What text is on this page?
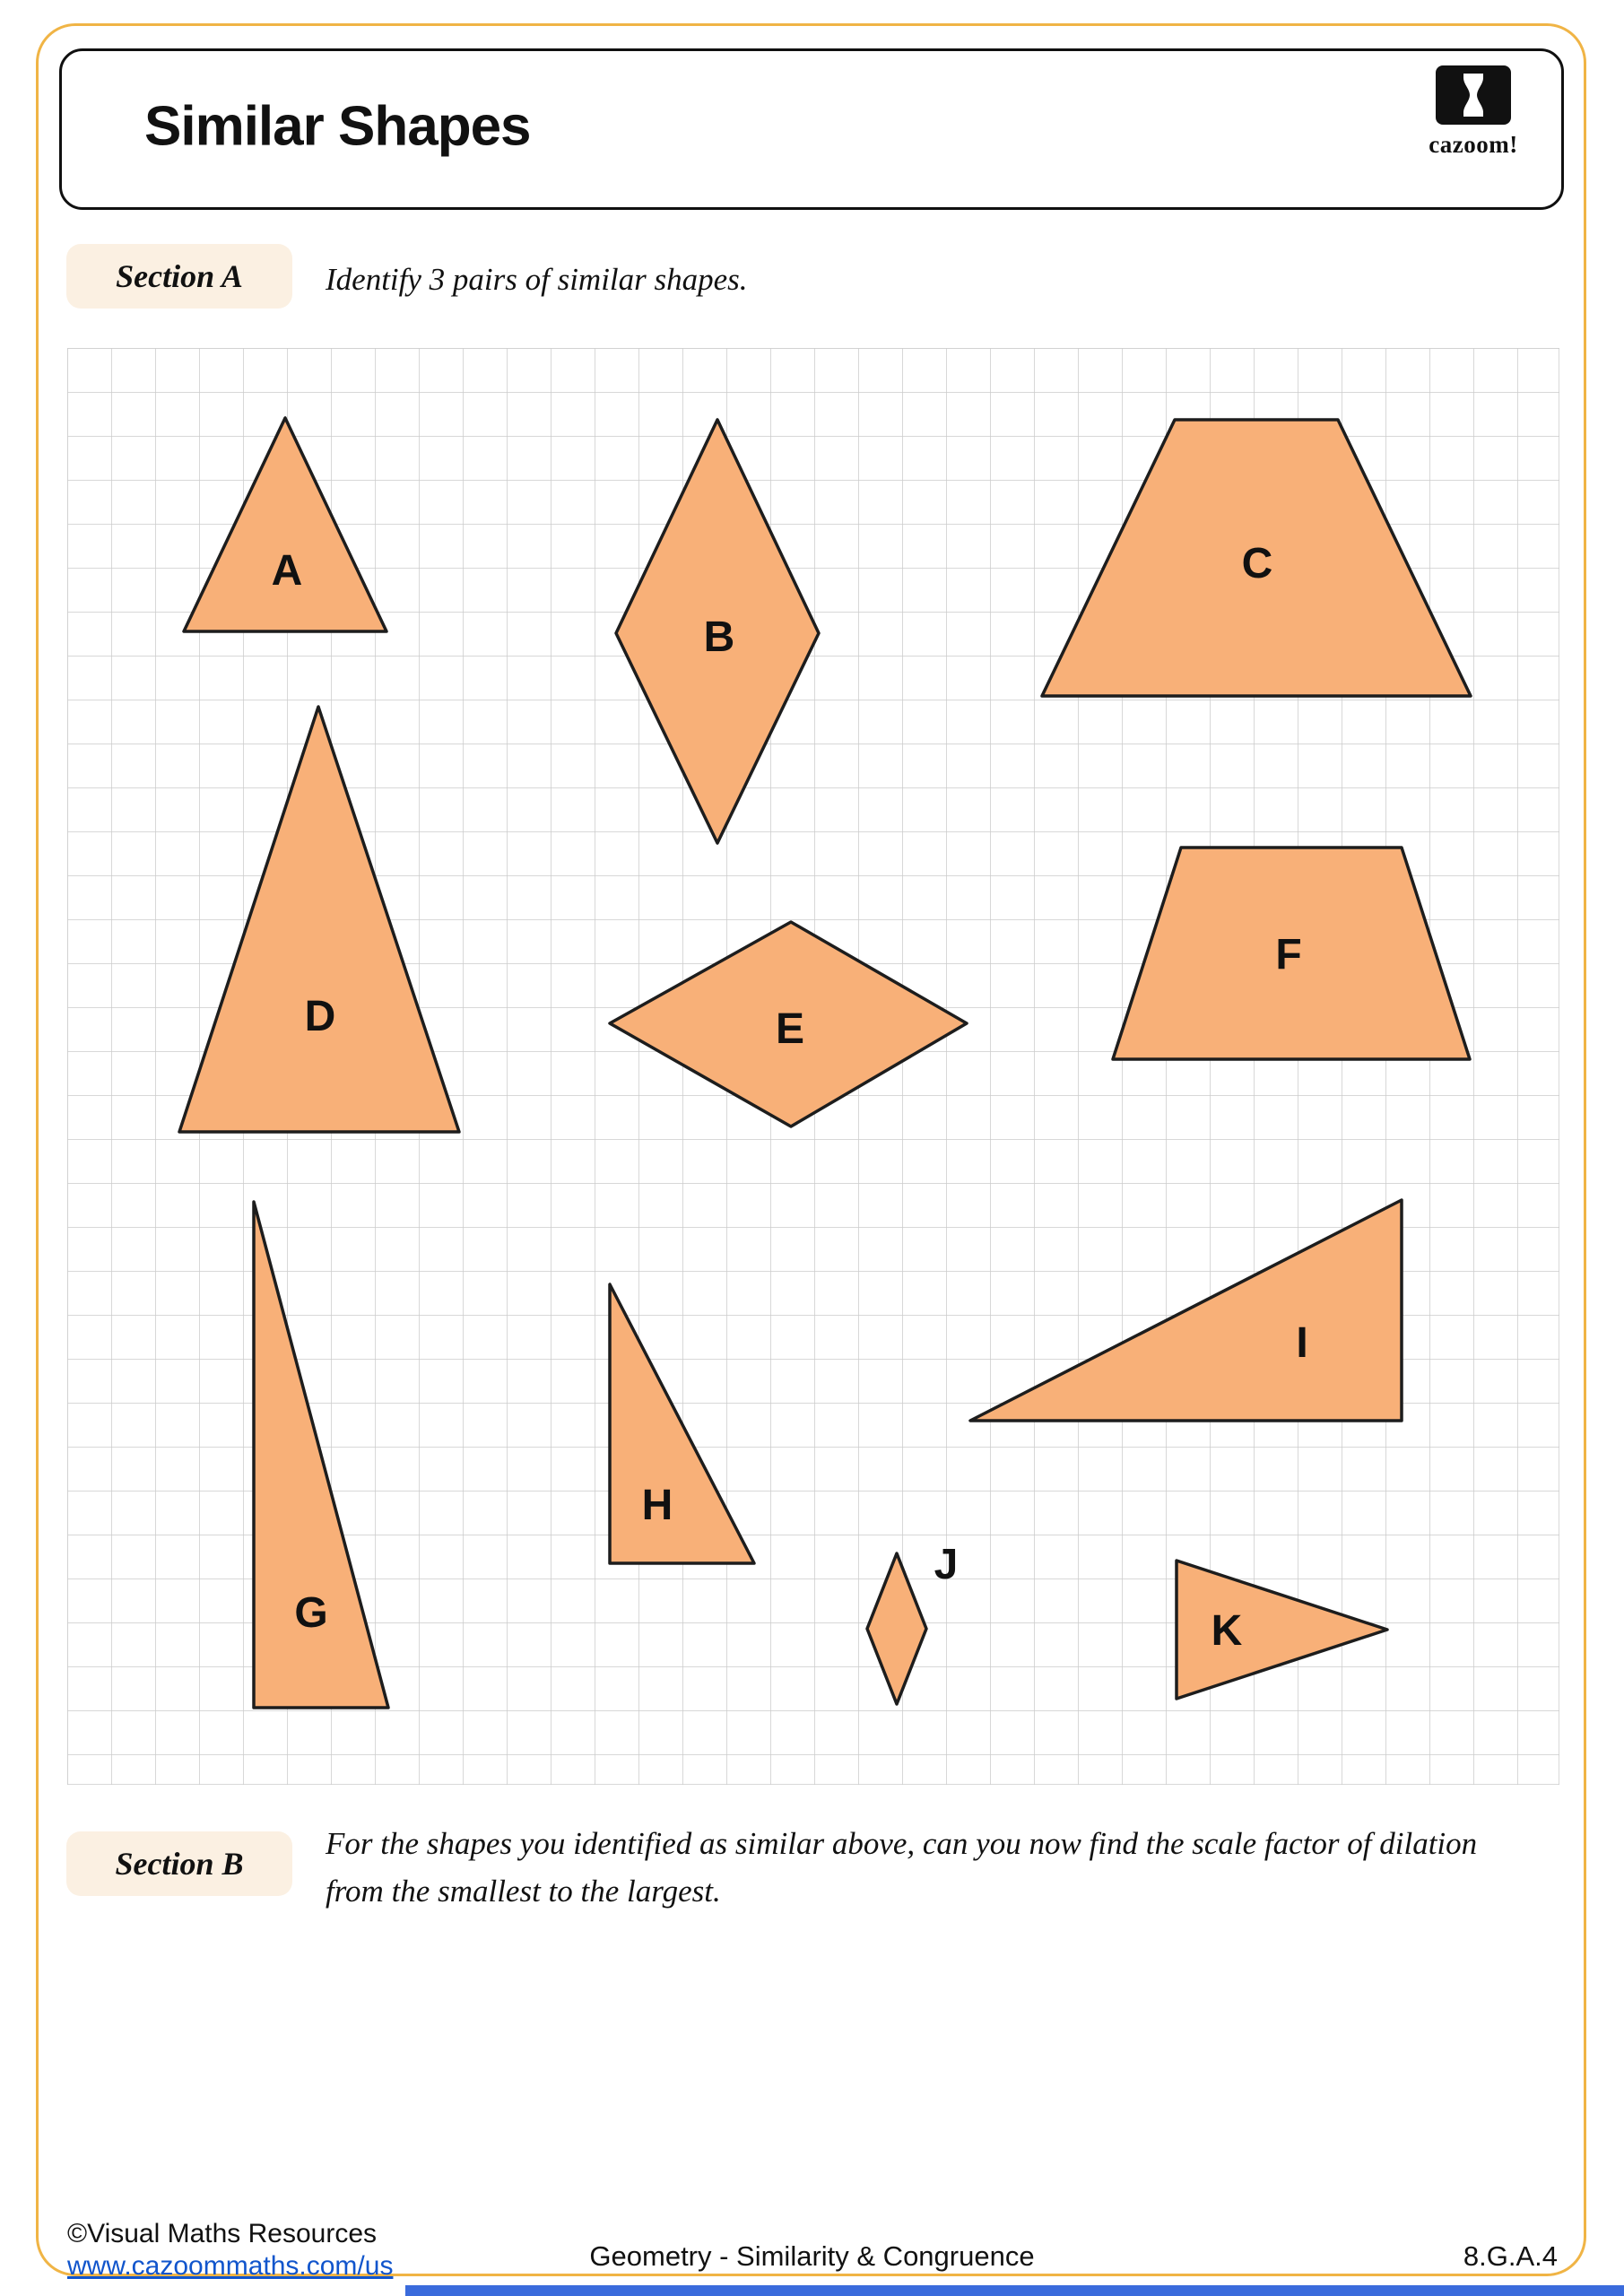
Similar Shapes	cazoom!
Section A	Identify 3 pairs of similar shapes.
A
B
C
D	E
F
G
H
I
J
K
Section B
For the shapes you identified as similar above, can you now find the scale factor of dilation from the smallest to the largest.
©Visual Maths Resources
www.cazoommaths.com/us	Geometry - Similarity & Congruence	8.G.A.4
